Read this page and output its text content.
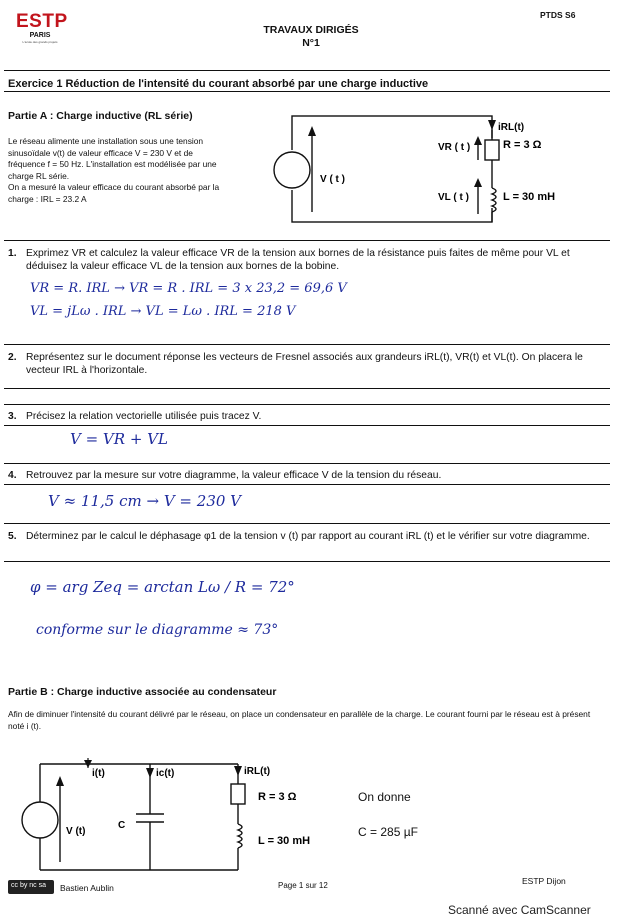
ESTP
PARIS
L'école des grands projets
TRAVAUX DIRIGÉS
N°1
PTDS S6
Exercice 1 Réduction de l'intensité du courant absorbé par une charge inductive
Partie A : Charge inductive (RL série)
Le réseau alimente une installation sous une tension
sinusoïdale v(t) de valeur efficace V = 230 V et de
fréquence f = 50 Hz. L'installation est modélisée par une
charge RL série.
On a mesuré la valeur efficace du courant absorbé par la
charge : IRL = 23.2 A
V ( t )
iRL(t)
VR ( t )	R = 3 Ω
VL ( t )	L = 30 mH
1. Exprimez VR et calculez la valeur efficace VR de la tension aux bornes de la résistance puis faites de même pour VL et déduisez la valeur efficace VL de la tension aux bornes de la bobine.
VR = R. IRL → VR = R . IRL = 3 x 23,2 = 69,6 V
VL = jLω . IRL → VL = Lω . IRL = 218 V
2. Représentez sur le document réponse les vecteurs de Fresnel associés aux grandeurs iRL(t), VR(t) et VL(t). On placera le vecteur IRL à l'horizontale.
3. Précisez la relation vectorielle utilisée puis tracez V.
V = VR + VL
4. Retrouvez par la mesure sur votre diagramme, la valeur efficace V de la tension du réseau.
V ≈ 11,5 cm → V = 230 V
5. Déterminez par le calcul le déphasage φ1 de la tension v (t) par rapport au courant iRL (t) et le vérifier sur votre diagramme.
φ = arg Zeq = arctan Lω / R = 72°
conforme sur le diagramme ≈ 73°
Partie B : Charge inductive associée au condensateur
Afin de diminuer l'intensité du courant délivré par le réseau, on place un condensateur en parallèle de la charge. Le courant fourni par le réseau est à présent noté i (t).
V (t)
i(t)	ic(t)
C
iRL(t)
R = 3 Ω
L = 30 mH
On donne
C = 285 µF
cc by nc sa Bastien Aublin	Page 1 sur 12	ESTP Dijon
Scanné avec CamScanner
